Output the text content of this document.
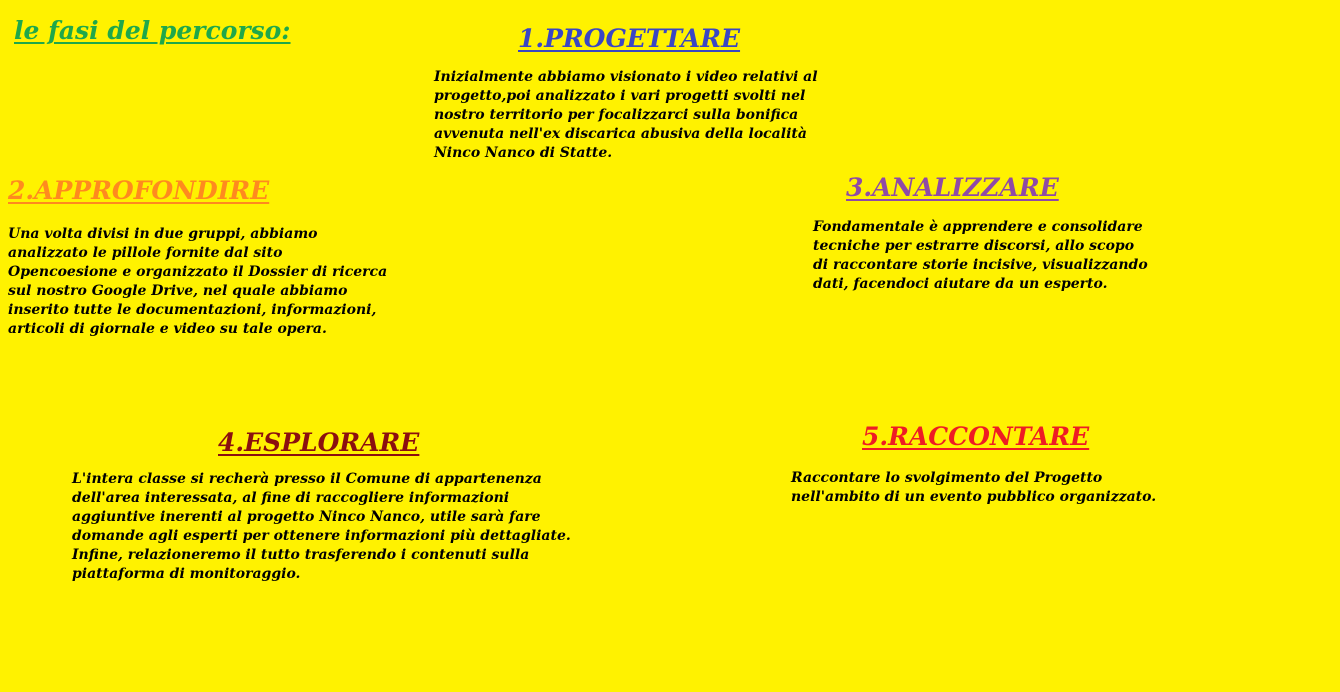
le fasi del percorso:	1.PROGETTARE
Inizialmente abbiamo visionato i video relativi al
progetto,poi analizzato i vari progetti svolti nel
nostro territorio per focalizzarci sulla bonifica
avvenuta nell'ex discarica abusiva della località
Ninco Nanco di Statte.
2.APPROFONDIRE
Una volta divisi in due gruppi, abbiamo
analizzato le pillole fornite dal sito
Opencoesione e organizzato il Dossier di ricerca
sul nostro Google Drive, nel quale abbiamo
inserito tutte le documentazioni, informazioni,
articoli di giornale e video su tale opera.
3.ANALIZZARE
Fondamentale è apprendere e consolidare
tecniche per estrarre discorsi, allo scopo
di raccontare storie incisive, visualizzando
dati, facendoci aiutare da un esperto.
4.ESPLORARE
L'intera classe si recherà presso il Comune di appartenenza
dell'area interessata, al fine di raccogliere informazioni
aggiuntive inerenti al progetto Ninco Nanco, utile sarà fare
domande agli esperti per ottenere informazioni più dettagliate.
Infine, relazioneremo il tutto trasferendo i contenuti sulla
piattaforma di monitoraggio.
5.RACCONTARE
Raccontare lo svolgimento del Progetto
nell'ambito di un evento pubblico organizzato.
